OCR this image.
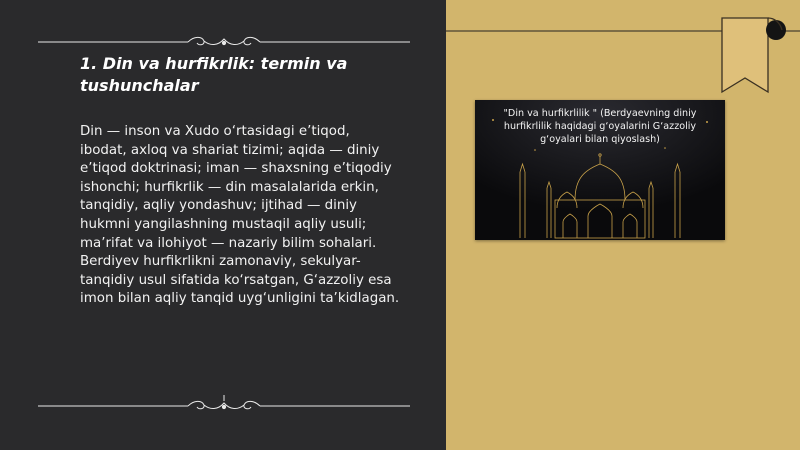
1. Din va hurfikrlik: termin va tushunchalar

Din — inson va Xudo o‘rtasidagi e’tiqod, ibodat, axloq va shariat tizimi; aqida — diniy e’tiqod doktrinasi; iman — shaxsning e’tiqodiy ishonchi; hurfikrlik — din masalalarida erkin, tanqidiy, aqliy yondashuv; ijtihad — diniy hukmni yangilashning mustaqil aqliy usuli; ma’rifat va ilohiyot — nazariy bilim sohalari. Berdiyev hurfikrlikni zamonaviy, sekulyar-tanqidiy usul sifatida ko‘rsatgan, G‘azzoliy esa imon bilan aqliy tanqid uyg‘unligini ta’kidlagan.

"Din va hurfikrlilik " (Berdyaevning diniy hurfikrlilik haqidagi g‘oyalarini G‘azzoliy g‘oyalari bilan qiyoslash)
